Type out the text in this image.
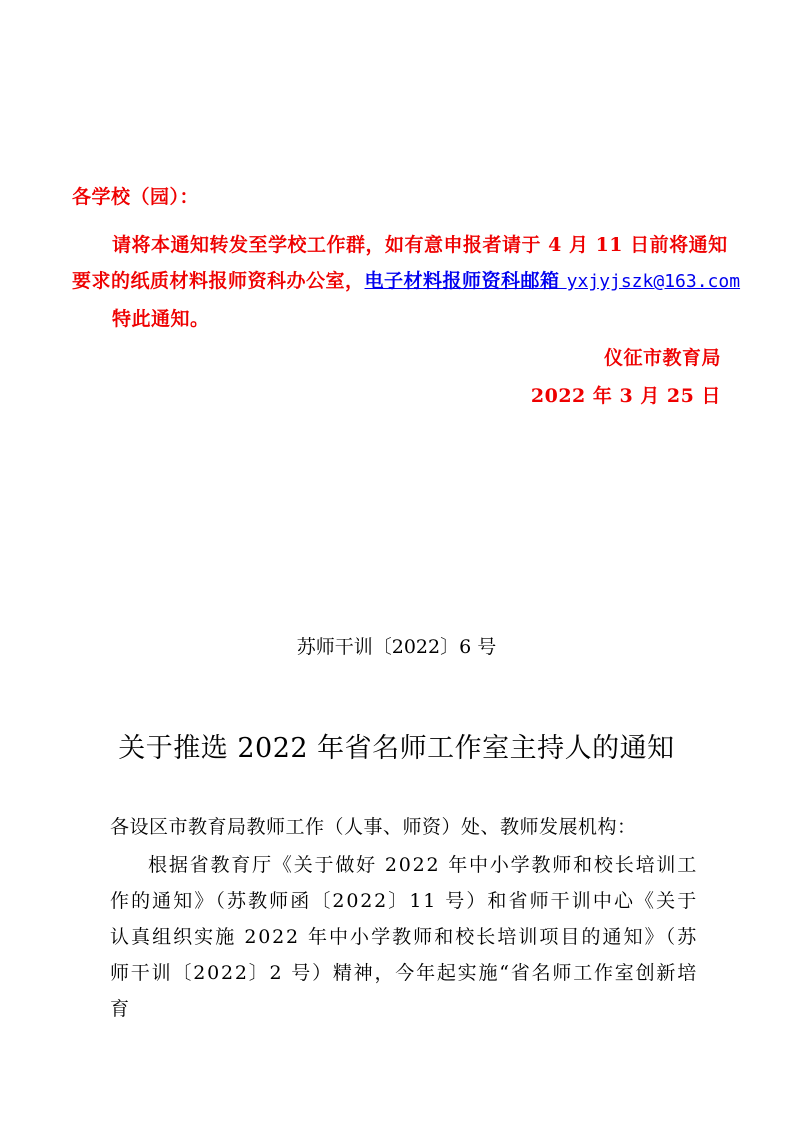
各学校（园）：
请将本通知转发至学校工作群，如有意申报者请于 4 月 11 日前将通知
要求的纸质材料报师资科办公室，电子材料报师资科邮箱 yxjyjszk@163.com
特此通知。
仪征市教育局
2022 年 3 月 25 日
苏师干训〔2022〕6 号
关于推选 2022 年省名师工作室主持人的通知
各设区市教育局教师工作（人事、师资）处、教师发展机构：
根据省教育厅《关于做好 2022 年中小学教师和校长培训工作的通知》（苏教师函〔2022〕11 号）和省师干训中心《关于认真组织实施 2022 年中小学教师和校长培训项目的通知》（苏师干训〔2022〕2 号）精神，今年起实施“省名师工作室创新培育
